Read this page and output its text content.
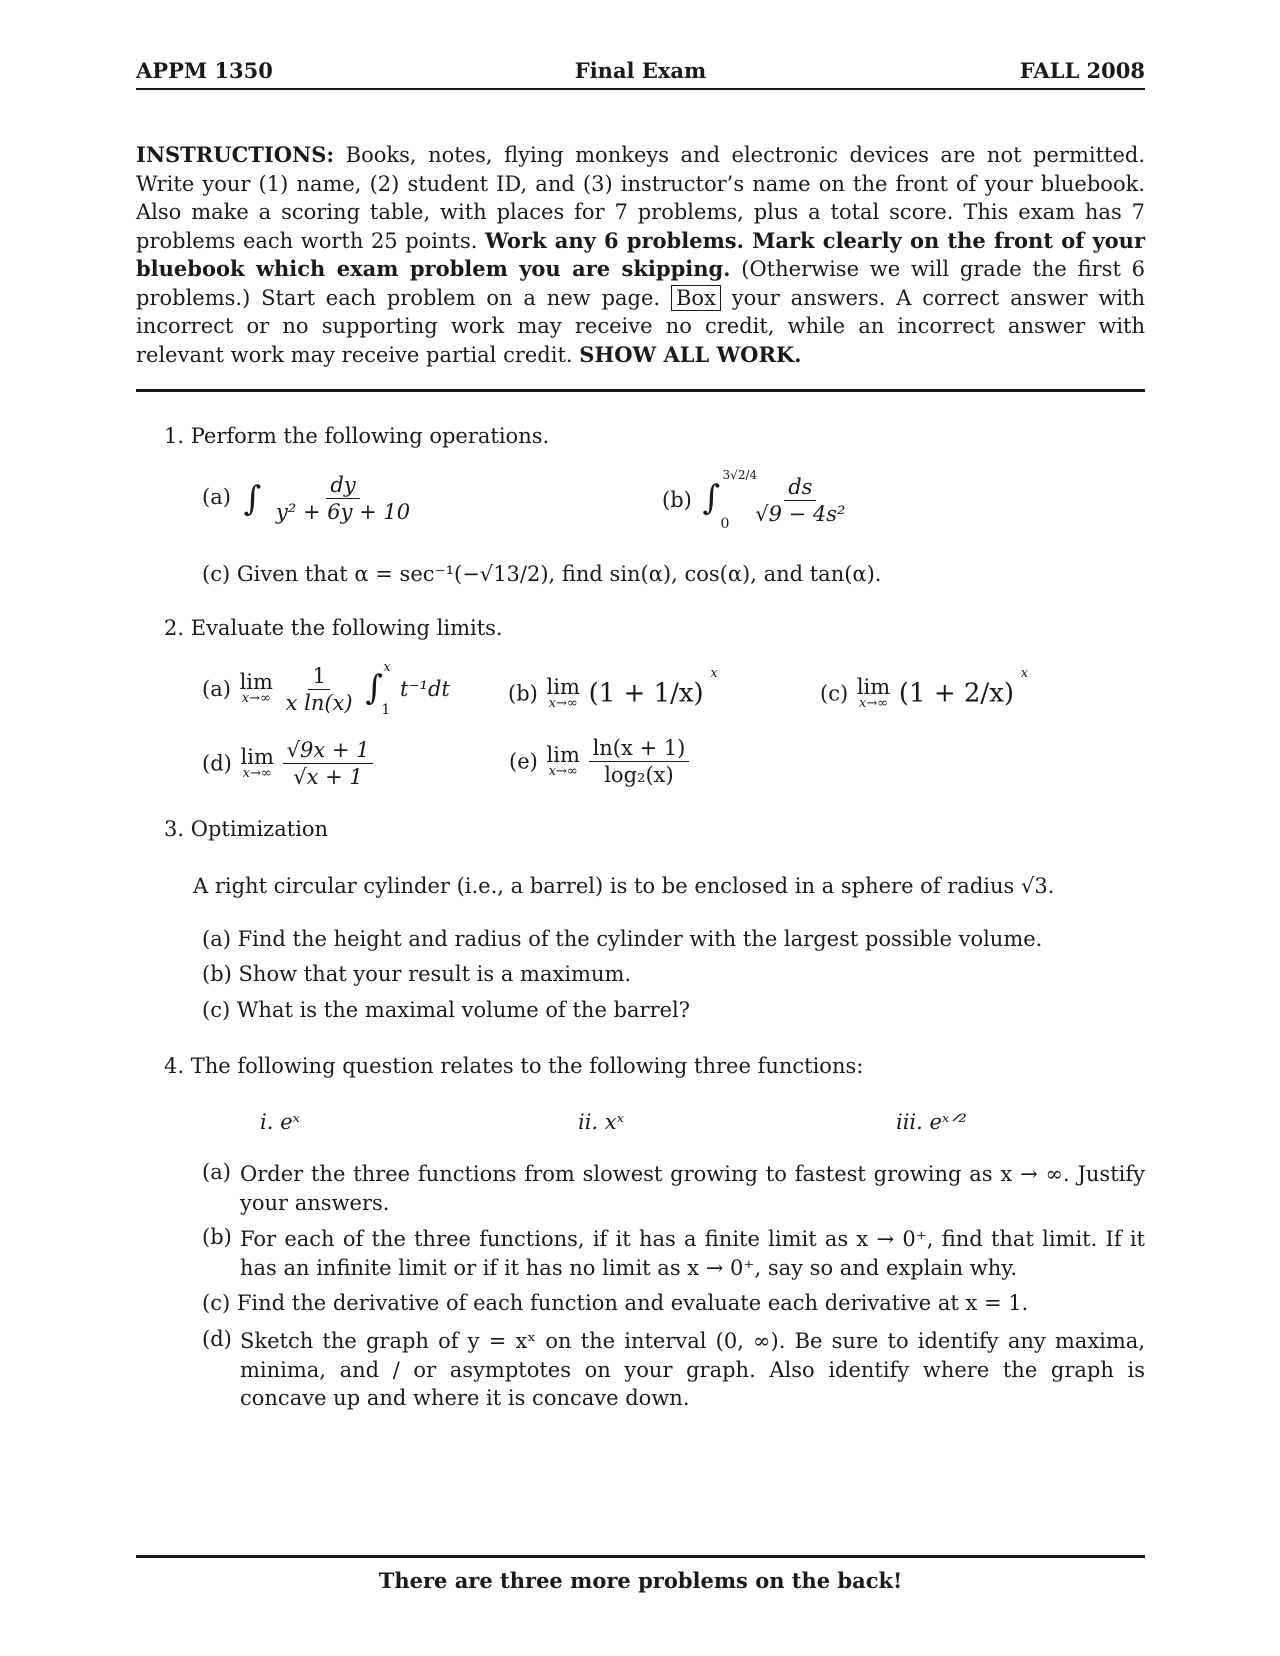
APPM 1350	Final Exam	FALL 2008
INSTRUCTIONS: Books, notes, flying monkeys and electronic devices are not permitted. Write your (1) name, (2) student ID, and (3) instructor’s name on the front of your bluebook. Also make a scoring table, with places for 7 problems, plus a total score. This exam has 7 problems each worth 25 points. Work any 6 problems. Mark clearly on the front of your bluebook which exam problem you are skipping. (Otherwise we will grade the first 6 problems.) Start each problem on a new page. Box your answers. A correct answer with incorrect or no supporting work may receive no credit, while an incorrect answer with relevant work may receive partial credit. SHOW ALL WORK.
1. Perform the following operations.
(a) ∫ $\frac{dy}{\text{y² + 6y + 10}}$	(b) ∫
3√2/4
0
$\frac{ds}{\text{√9 − 4s²}}$
(c) Given that α = sec⁻¹(−√13/2), find sin(α), cos(α), and tan(α).
2. Evaluate the following limits.
(a) lim
x→∞
$\frac{1}{\text{x ln(x)}}$
∫
x
1
t⁻¹dt	(b) lim
x→∞ (1 + 1/x) $^x$
(c) lim
x→∞ (1 + 2/x) $^x$
(d) lim
x→∞
$\frac{√9x + 1}{√x + 1}$	(e) lim
x→∞
$\frac{\ln(x + 1)}{\text{log₂(x)}}$
3. Optimization
A right circular cylinder (i.e., a barrel) is to be enclosed in a sphere of radius √3.
(a) Find the height and radius of the cylinder with the largest possible volume.
(b) Show that your result is a maximum.
(c) What is the maximal volume of the barrel?
4. The following question relates to the following three functions:
i. eˣ	ii. xˣ	iii. eˣᐟ²
(a) Order the three functions from slowest growing to fastest growing as x → ∞. Justify your answers.
(b) For each of the three functions, if it has a finite limit as x → 0⁺, find that limit. If it has an infinite limit or if it has no limit as x → 0⁺, say so and explain why.
(c) Find the derivative of each function and evaluate each derivative at x = 1.
(d) Sketch the graph of y = xˣ on the interval (0, ∞). Be sure to identify any maxima, minima, and / or asymptotes on your graph. Also identify where the graph is concave up and where it is concave down.
There are three more problems on the back!
